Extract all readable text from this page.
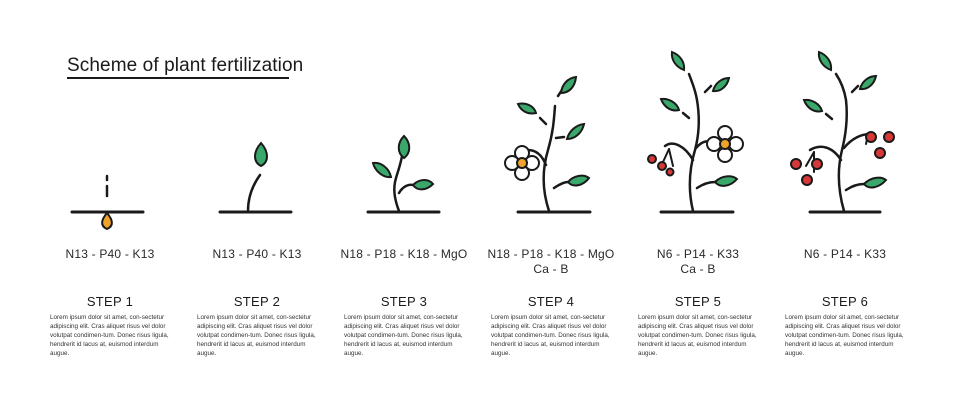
Scheme of plant fertilization
N13 - P40 - K13
STEP 1
Lorem ipsum dolor sit amet, con-sectetur adipiscing elit. Cras aliquet risus vel dolor volutpat condimen-tum. Donec risus ligula, hendrerit id lacus at, euismod interdum augue.
N13 - P40 - K13
STEP 2
Lorem ipsum dolor sit amet, con-sectetur adipiscing elit. Cras aliquet risus vel dolor volutpat condimen-tum. Donec risus ligula, hendrerit id lacus at, euismod interdum augue.
N18 - P18 - K18 - MgO
STEP 3
Lorem ipsum dolor sit amet, con-sectetur adipiscing elit. Cras aliquet risus vel dolor volutpat condimen-tum. Donec risus ligula, hendrerit id lacus at, euismod interdum augue.
N18 - P18 - K18 - MgO
Ca - B
STEP 4
Lorem ipsum dolor sit amet, con-sectetur adipiscing elit. Cras aliquet risus vel dolor volutpat condimen-tum. Donec risus ligula, hendrerit id lacus at, euismod interdum augue.
N6 - P14 - K33
Ca - B
STEP 5
Lorem ipsum dolor sit amet, con-sectetur adipiscing elit. Cras aliquet risus vel dolor volutpat condimen-tum. Donec risus ligula, hendrerit id lacus at, euismod interdum augue.
N6 - P14 - K33
STEP 6
Lorem ipsum dolor sit amet, con-sectetur adipiscing elit. Cras aliquet risus vel dolor volutpat condimen-tum. Donec risus ligula, hendrerit id lacus at, euismod interdum augue.
